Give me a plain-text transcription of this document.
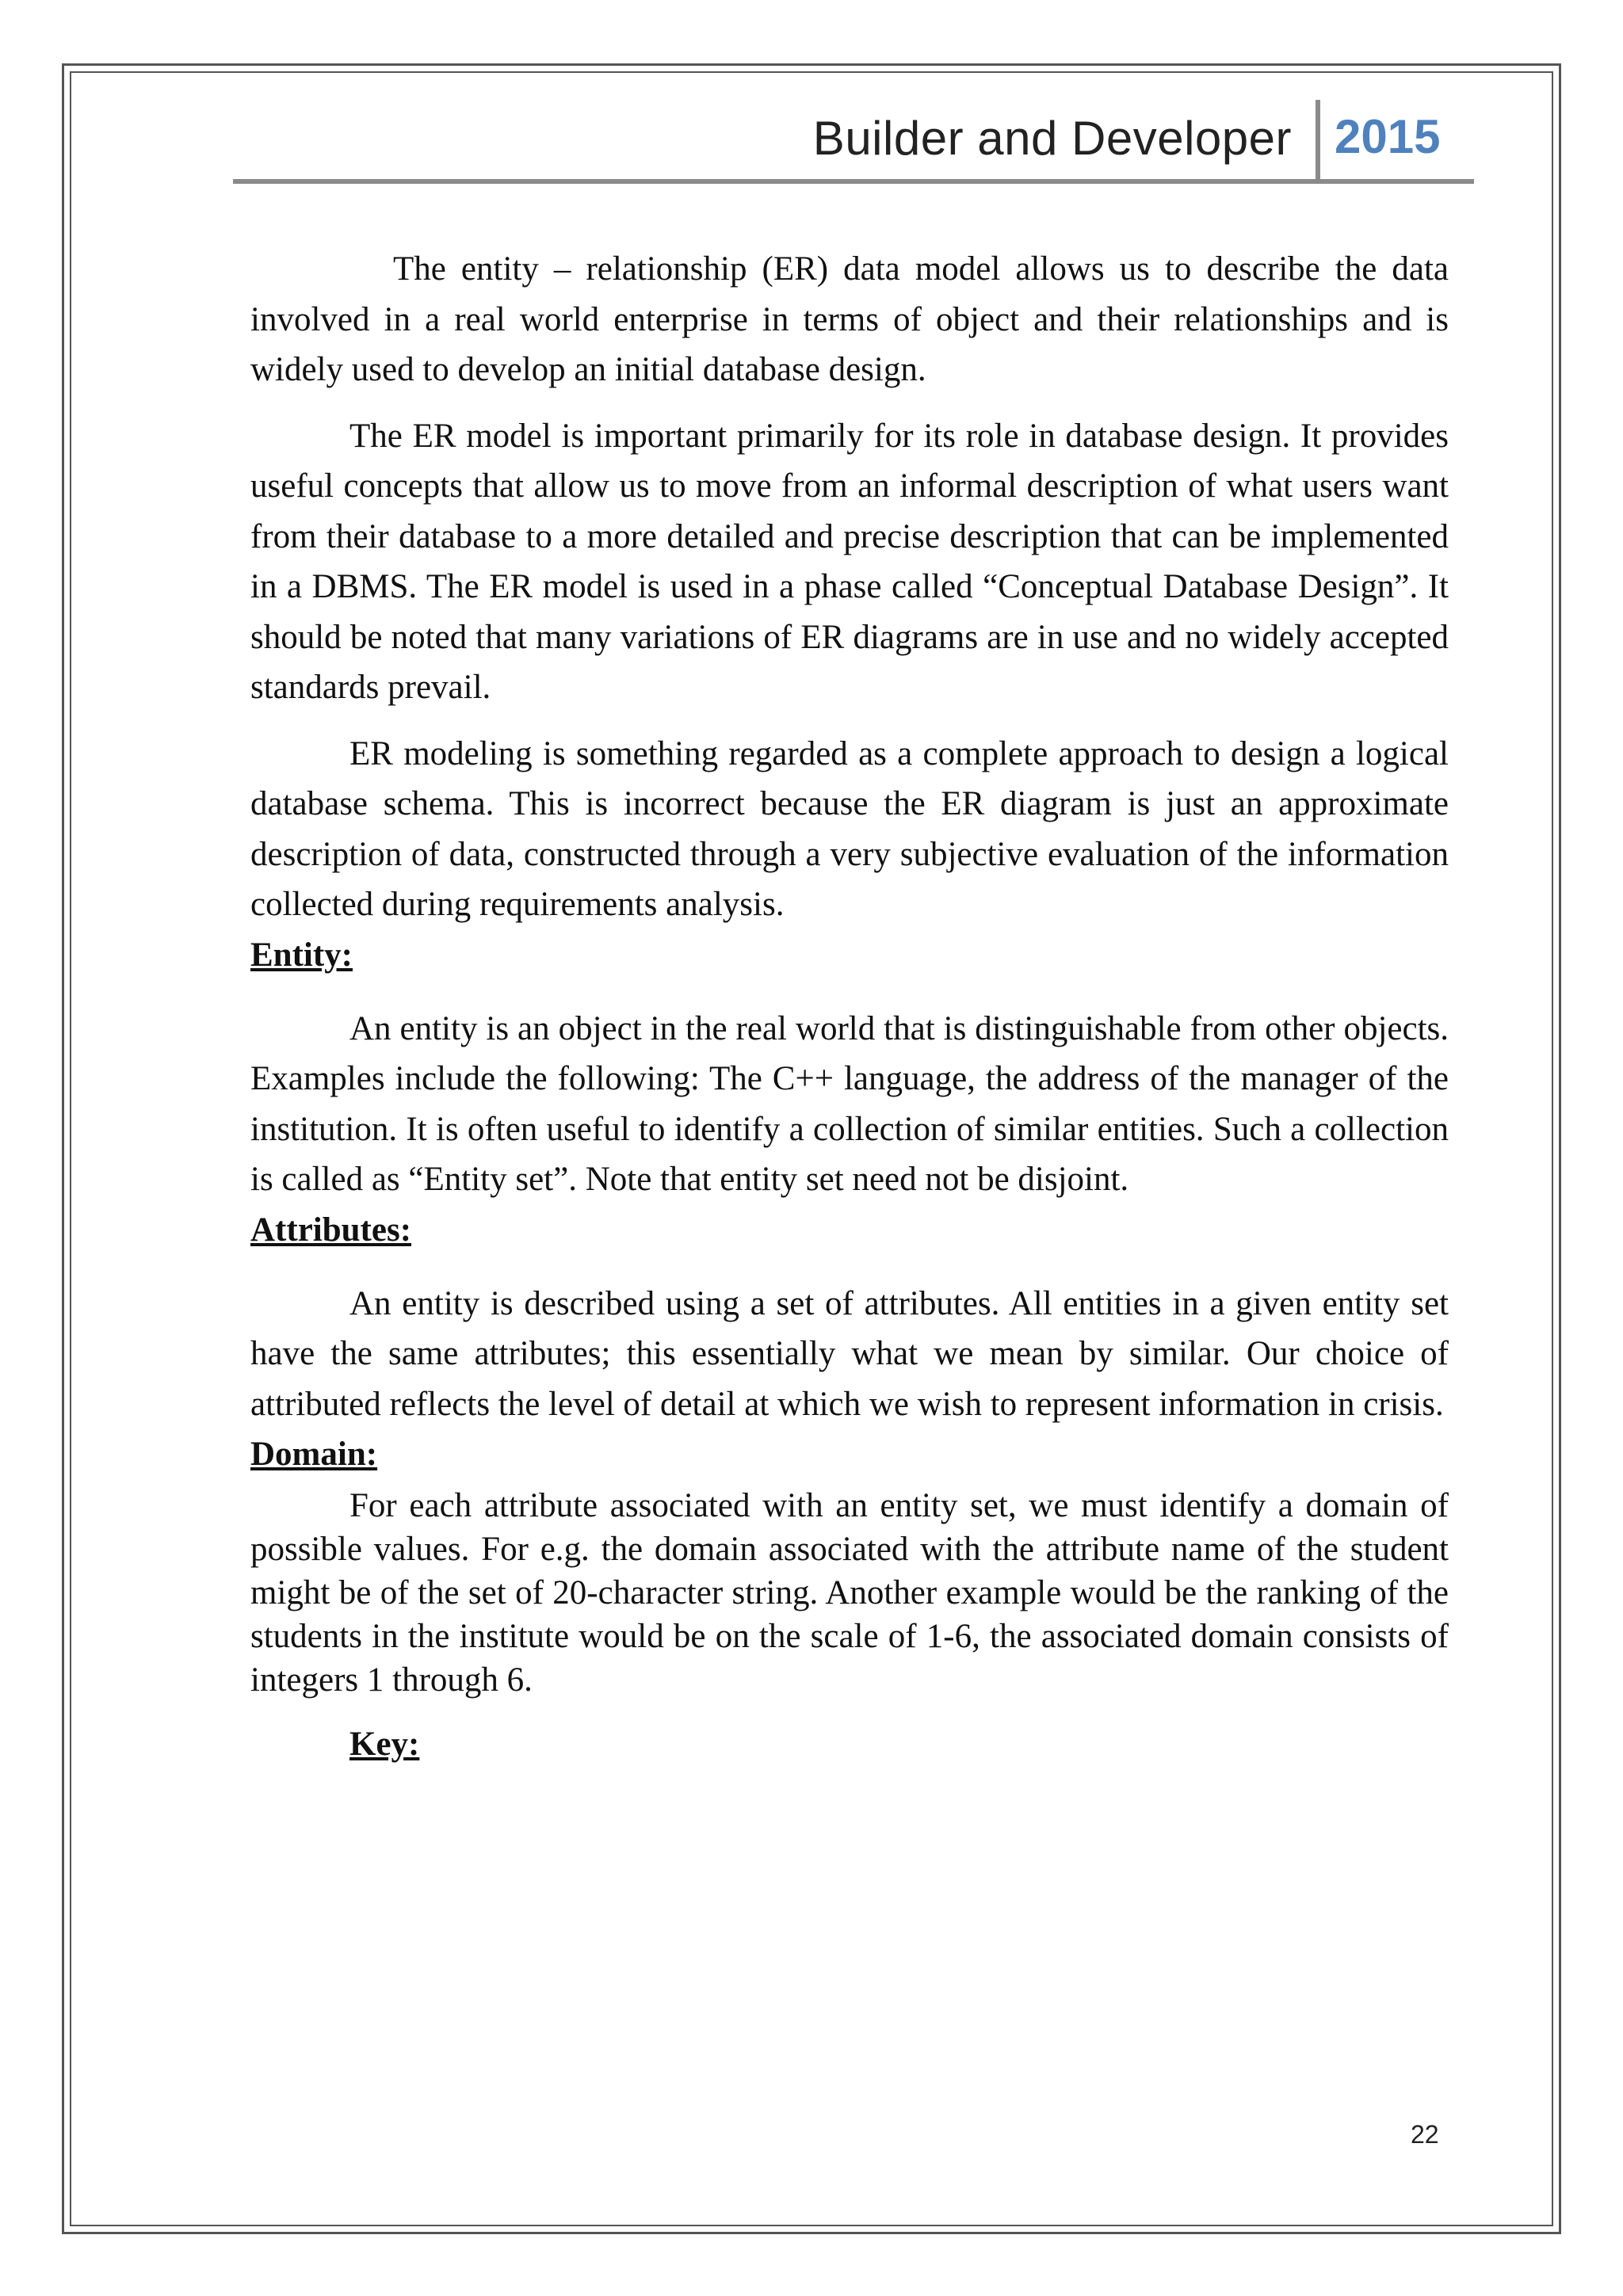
Builder and Developer 2015

The entity – relationship (ER) data model allows us to describe the data involved in a real world enterprise in terms of object and their relationships and is widely used to develop an initial database design.

The ER model is important primarily for its role in database design. It provides useful concepts that allow us to move from an informal description of what users want from their database to a more detailed and precise description that can be implemented in a DBMS. The ER model is used in a phase called “Conceptual Database Design”. It should be noted that many variations of ER diagrams are in use and no widely accepted standards prevail.

ER modeling is something regarded as a complete approach to design a logical database schema. This is incorrect because the ER diagram is just an approximate description of data, constructed through a very subjective evaluation of the information collected during requirements analysis.

Entity:

An entity is an object in the real world that is distinguishable from other objects. Examples include the following: The C++ language, the address of the manager of the institution. It is often useful to identify a collection of similar entities. Such a collection is called as “Entity set”. Note that entity set need not be disjoint.

Attributes:

An entity is described using a set of attributes. All entities in a given entity set have the same attributes; this essentially what we mean by similar. Our choice of attributed reflects the level of detail at which we wish to represent information in crisis.

Domain:

For each attribute associated with an entity set, we must identify a domain of possible values. For e.g. the domain associated with the attribute name of the student might be of the set of 20-character string. Another example would be the ranking of the students in the institute would be on the scale of 1-6, the associated domain consists of integers 1 through 6.

Key:

22
